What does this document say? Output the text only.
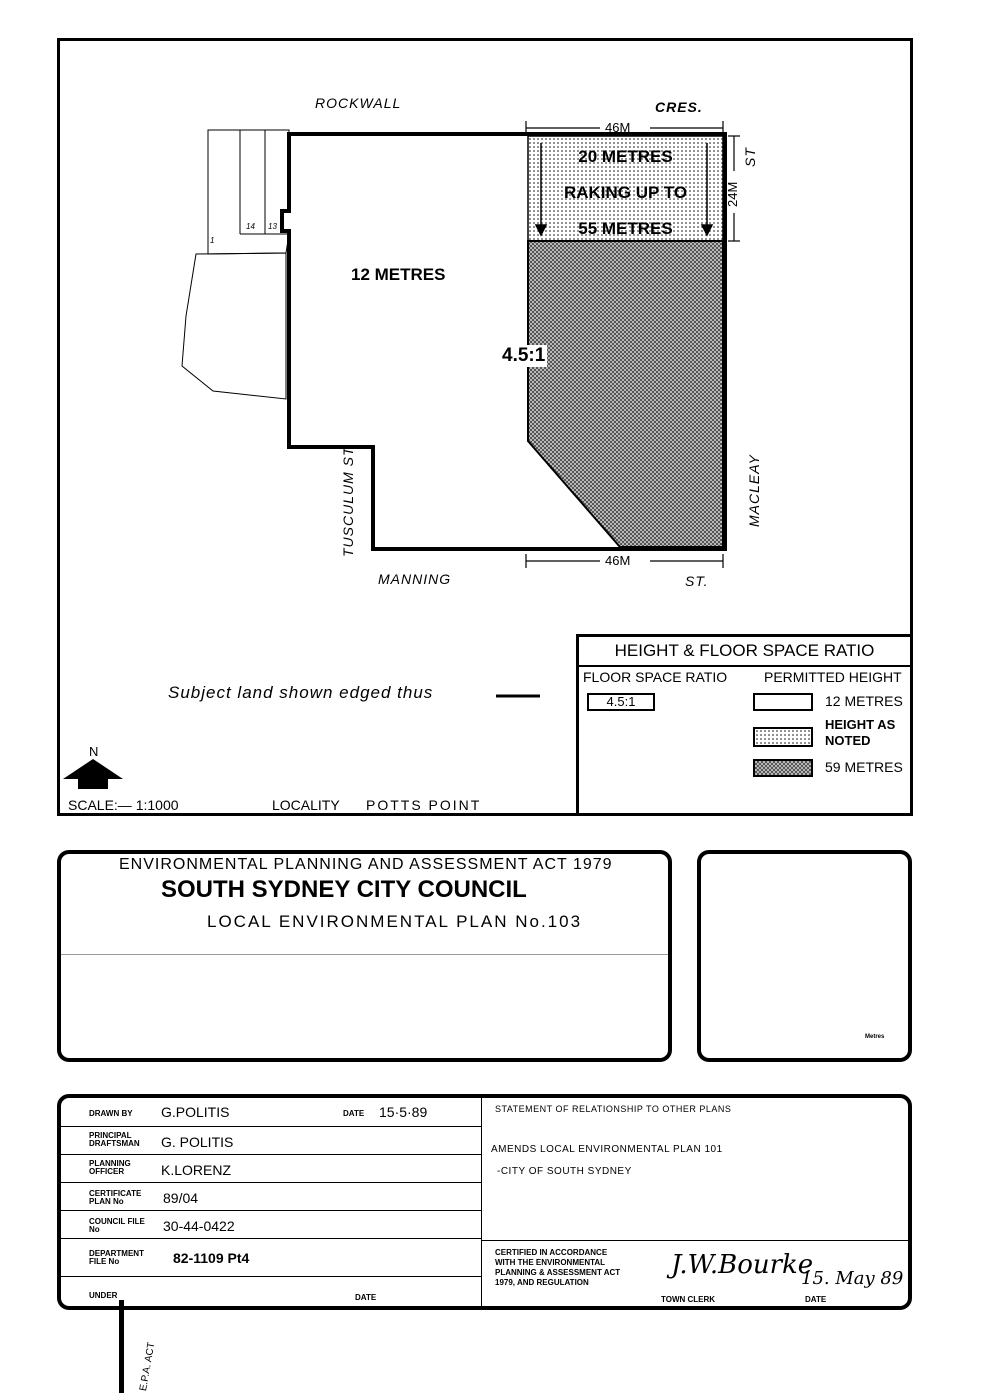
ROCKWALL	CRES.
ST
MACLEAY
TUSCULUM ST
MANNING	ST.
46M
46M
24M
14 13
1
12 METRES
20 METRES
RAKING UP TO
55 METRES
4.5:1
Subject land shown edged thus
N
SCALE:— 1:1000	LOCALITY POTTS POINT
HEIGHT & FLOOR SPACE RATIO
FLOOR SPACE RATIO	PERMITTED HEIGHT
4.5:1	12 METRES
HEIGHT AS NOTED
59 METRES
ENVIRONMENTAL PLANNING AND ASSESSMENT ACT 1979
SOUTH SYDNEY CITY COUNCIL
LOCAL ENVIRONMENTAL PLAN No.103
Metres
DRAWN BY G.POLITIS	DATE 15·5·89
PRINCIPAL DRAFTSMAN	G. POLITIS
PLANNING OFFICER	K.LORENZ
CERTIFICATE PLAN No	89/04
COUNCIL FILE No	30-44-0422
DEPARTMENT FILE No	82-1109 Pt4
UNDER	DATE
STATEMENT OF RELATIONSHIP TO OTHER PLANS
AMENDS LOCAL ENVIRONMENTAL PLAN 101
-CITY OF SOUTH SYDNEY
CERTIFIED IN ACCORDANCE
WITH THE ENVIRONMENTAL
PLANNING & ASSESSMENT ACT
1979, AND REGULATION
J.W.Bourke
15. May 89
TOWN CLERK	DATE
E.P.A. ACT
